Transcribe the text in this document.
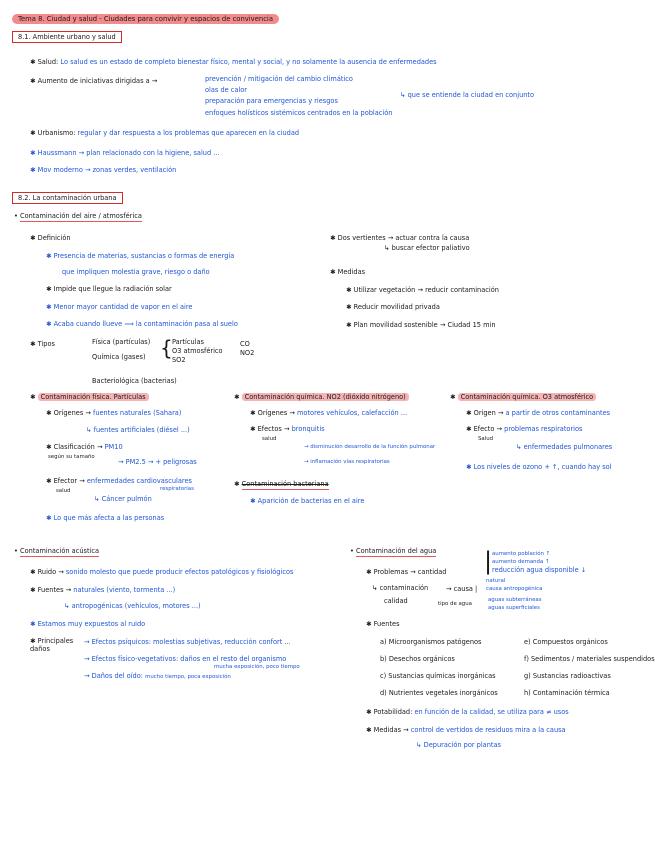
Tema 8. Ciudad y salud - Ciudades para convivir y espacios de convivencia
8.1. Ambiente urbano y salud
✱ Salud: Lo salud es un estado de completo bienestar físico, mental y social, y no solamente la ausencia de enfermedades
✱ Aumento de iniciativas dirigidas a →	prevención / mitigación del cambio climático
olas de calor
preparación para emergencias y riesgos
enfoques holísticos sistémicos centrados en la población
↳ que se entiende la ciudad en conjunto
✱ Urbanismo: regular y dar respuesta a los problemas que aparecen en la ciudad
✱ Haussmann → plan relacionado con la higiene, salud ...
✱ Mov moderno → zonas verdes, ventilación
8.2. La contaminación urbana
• Contaminación del aire / atmosférica
✱ Definición
✱ Presencia de materias, sustancias o formas de energía
que impliquen molestia grave, riesgo o daño
✱ Impide que llegue la radiación solar
✱ Menor mayor cantidad de vapor en el aire
✱ Acaba cuando llueve ⟹ la contaminación pasa al suelo
✱ Tipos	Física (partículas)
Química (gases)
Bacteriológica (bacterias)
{ Partículas
O3 atmosférico
SO2
CO
NO2
✱ Dos vertientes → actuar contra la causa
↳ buscar efector paliativo
✱ Medidas
✱ Utilizar vegetación → reducir contaminación
✱ Reducir movilidad privada
✱ Plan movilidad sostenible → Ciudad 15 min
✱ Contaminación física. Partículas
✱ Orígenes → fuentes naturales (Sahara)
↳ fuentes artificiales (diésel ...)
✱ Clasificación → PM10
según su tamaño
→ PM2.5 → + peligrosas
✱ Efector → enfermedades cardiovasculares
salud	respiratorias
↳ Cáncer pulmón
✱ Lo que más afecta a las personas
✱ Contaminación química. NO2 (dióxido nitrógeno)
✱ Orígenes → motores vehículos, calefacción ...
✱ Efectos → bronquitis
salud
→ disminución desarrollo de la función pulmonar
→ inflamación vías respiratorias
✱ Contaminación bacteriana
✱ Aparición de bacterias en el aire
✱ Contaminación química. O3 atmosférico
✱ Origen → a partir de otros contaminantes
✱ Efecto → problemas respiratorios
Salud
↳ enfermedades pulmonares
✱ Los niveles de ozono + ↑, cuando hay sol
• Contaminación acústica
✱ Ruido → sonido molesto que puede producir efectos patológicos y fisiológicos
✱ Fuentes → naturales (viento, tormenta ...)
↳ antropogénicas (vehículos, motores ...)
✱ Estamos muy expuestos al ruido
✱ Principales daños
→ Efectos psíquicos: molestias subjetivas, reducción confort ...
→ Efectos físico-vegetativos: daños en el resto del organismo
mucha exposición, poco tiempo
→ Daños del oído: mucho tiempo, poca exposición
• Contaminación del agua
✱ Problemas → cantidad | aumento población ↑
aumento demanda ↑
reducción agua disponible ↓
↳ contaminación
calidad
→ causa |
natural
causa antropogénica
tipo de agua
aguas subterráneas
aguas superficiales
✱ Fuentes
a) Microorganismos patógenos
b) Desechos orgánicos
c) Sustancias químicas inorgánicas
d) Nutrientes vegetales inorgánicos
e) Compuestos orgánicos
f) Sedimentos / materiales suspendidos
g) Sustancias radioactivas
h) Contaminación térmica
✱ Potabilidad: en función de la calidad, se utiliza para ≠ usos
✱ Medidas → control de vertidos de residuos mira a la causa
↳ Depuración por plantas
